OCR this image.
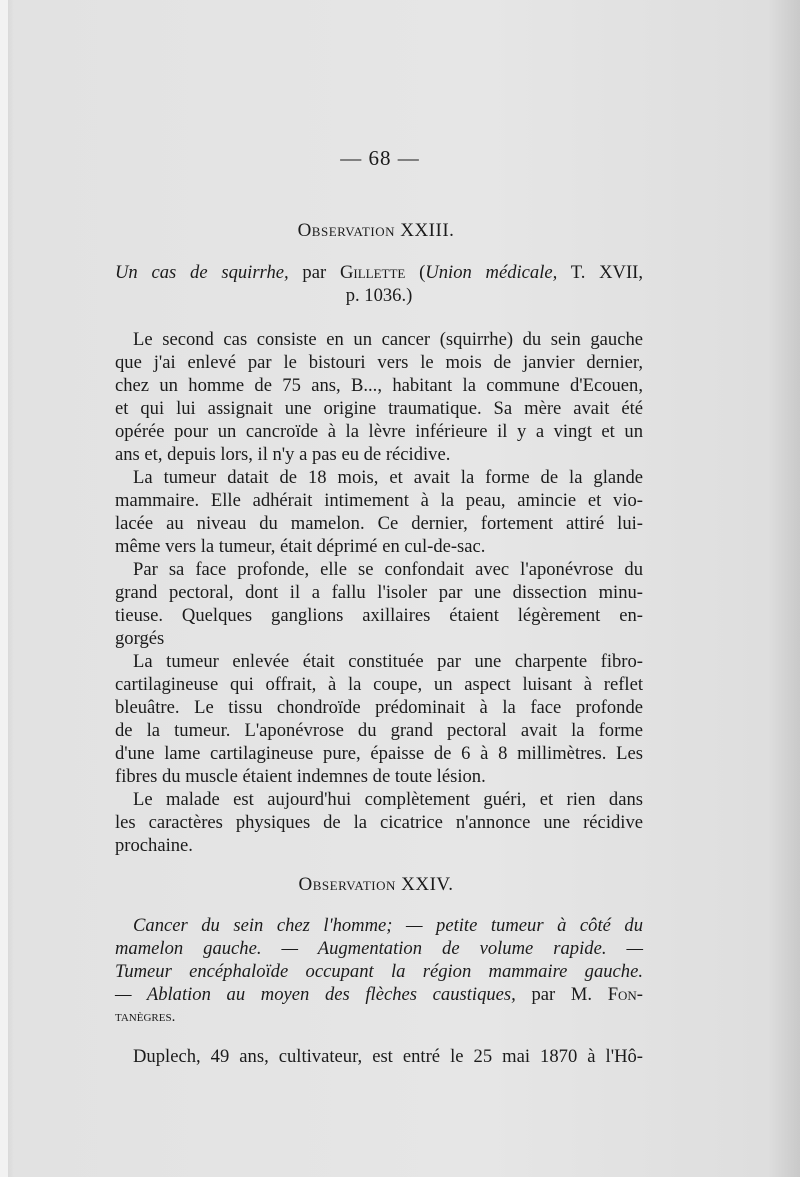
— 68 —
Observation XXIII.
Un cas de squirrhe, par Gillette (Union médicale, T. XVII,
p. 1036.)
Le second cas consiste en un cancer (squirrhe) du sein gauche
que j'ai enlevé par le bistouri vers le mois de janvier dernier,
chez un homme de 75 ans, B..., habitant la commune d'Ecouen,
et qui lui assignait une origine traumatique. Sa mère avait été
opérée pour un cancroïde à la lèvre inférieure il y a vingt et un
ans et, depuis lors, il n'y a pas eu de récidive.
La tumeur datait de 18 mois, et avait la forme de la glande
mammaire. Elle adhérait intimement à la peau, amincie et vio-
lacée au niveau du mamelon. Ce dernier, fortement attiré lui-
même vers la tumeur, était déprimé en cul-de-sac.
Par sa face profonde, elle se confondait avec l'aponévrose du
grand pectoral, dont il a fallu l'isoler par une dissection minu-
tieuse. Quelques ganglions axillaires étaient légèrement en-
gorgés
La tumeur enlevée était constituée par une charpente fibro-
cartilagineuse qui offrait, à la coupe, un aspect luisant à reflet
bleuâtre. Le tissu chondroïde prédominait à la face profonde
de la tumeur. L'aponévrose du grand pectoral avait la forme
d'une lame cartilagineuse pure, épaisse de 6 à 8 millimètres. Les
fibres du muscle étaient indemnes de toute lésion.
Le malade est aujourd'hui complètement guéri, et rien dans
les caractères physiques de la cicatrice n'annonce une récidive
prochaine.
Observation XXIV.
Cancer du sein chez l'homme; — petite tumeur à côté du
mamelon gauche. — Augmentation de volume rapide. —
Tumeur encéphaloïde occupant la région mammaire gauche.
— Ablation au moyen des flèches caustiques, par M. Fon-
tanègres.
Duplech, 49 ans, cultivateur, est entré le 25 mai 1870 à l'Hô-
